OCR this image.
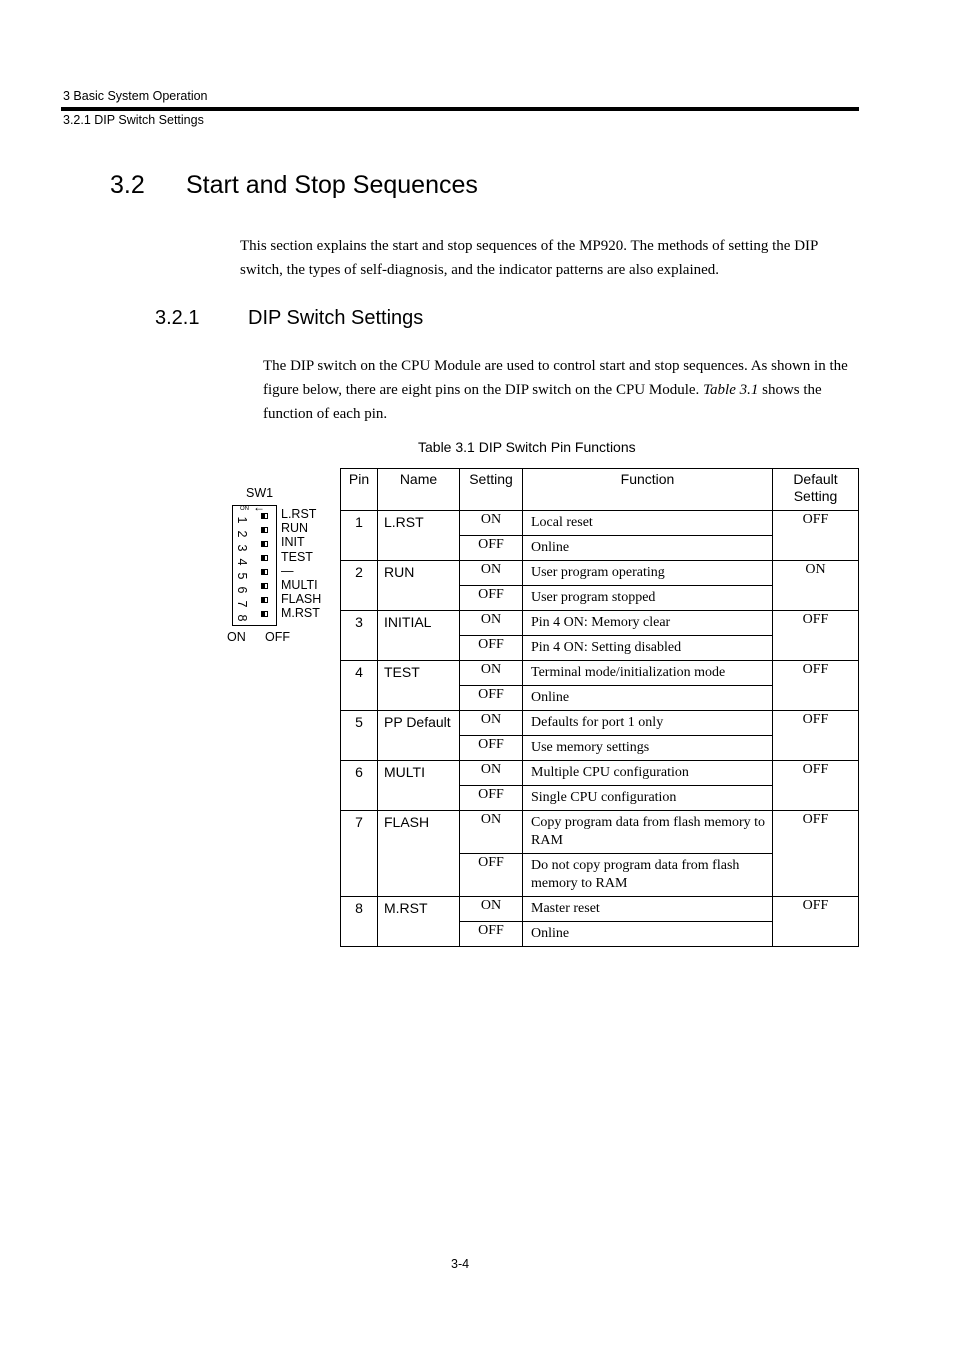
3 Basic System Operation
3.2.1 DIP Switch Settings
3.2 Start and Stop Sequences
This section explains the start and stop sequences of the MP920. The methods of setting the DIP switch, the types of self-diagnosis, and the indicator patterns are also explained.
3.2.1 DIP Switch Settings
The DIP switch on the CPU Module are used to control start and stop sequences. As shown in the figure below, there are eight pins on the DIP switch on the CPU Module. Table 3.1 shows the function of each pin.
Table 3.1 DIP Switch Pin Functions
SW1
ON ←
1
2
3
4
5
6
7
8
L.RST
RUN
INIT
TEST
—
MULTI
FLASH
M.RST
ON OFF
Pin	Name	Setting	Function	Default
Setting
1	L.RST	ON	Local reset	OFF
		OFF	Online	
2	RUN	ON	User program operating	ON
		OFF	User program stopped	
3	INITIAL	ON	Pin 4 ON: Memory clear	OFF
		OFF	Pin 4 ON: Setting disabled	
4	TEST	ON	Terminal mode/initialization mode	OFF
		OFF	Online	
5	PP Default	ON	Defaults for port 1 only	OFF
		OFF	Use memory settings	
6	MULTI	ON	Multiple CPU configuration	OFF
		OFF	Single CPU configuration	
7	FLASH	ON	Copy program data from flash memory to RAM	OFF
		OFF	Do not copy program data from flash memory to RAM	
8	M.RST	ON	Master reset	OFF
		OFF	Online	
3-4
